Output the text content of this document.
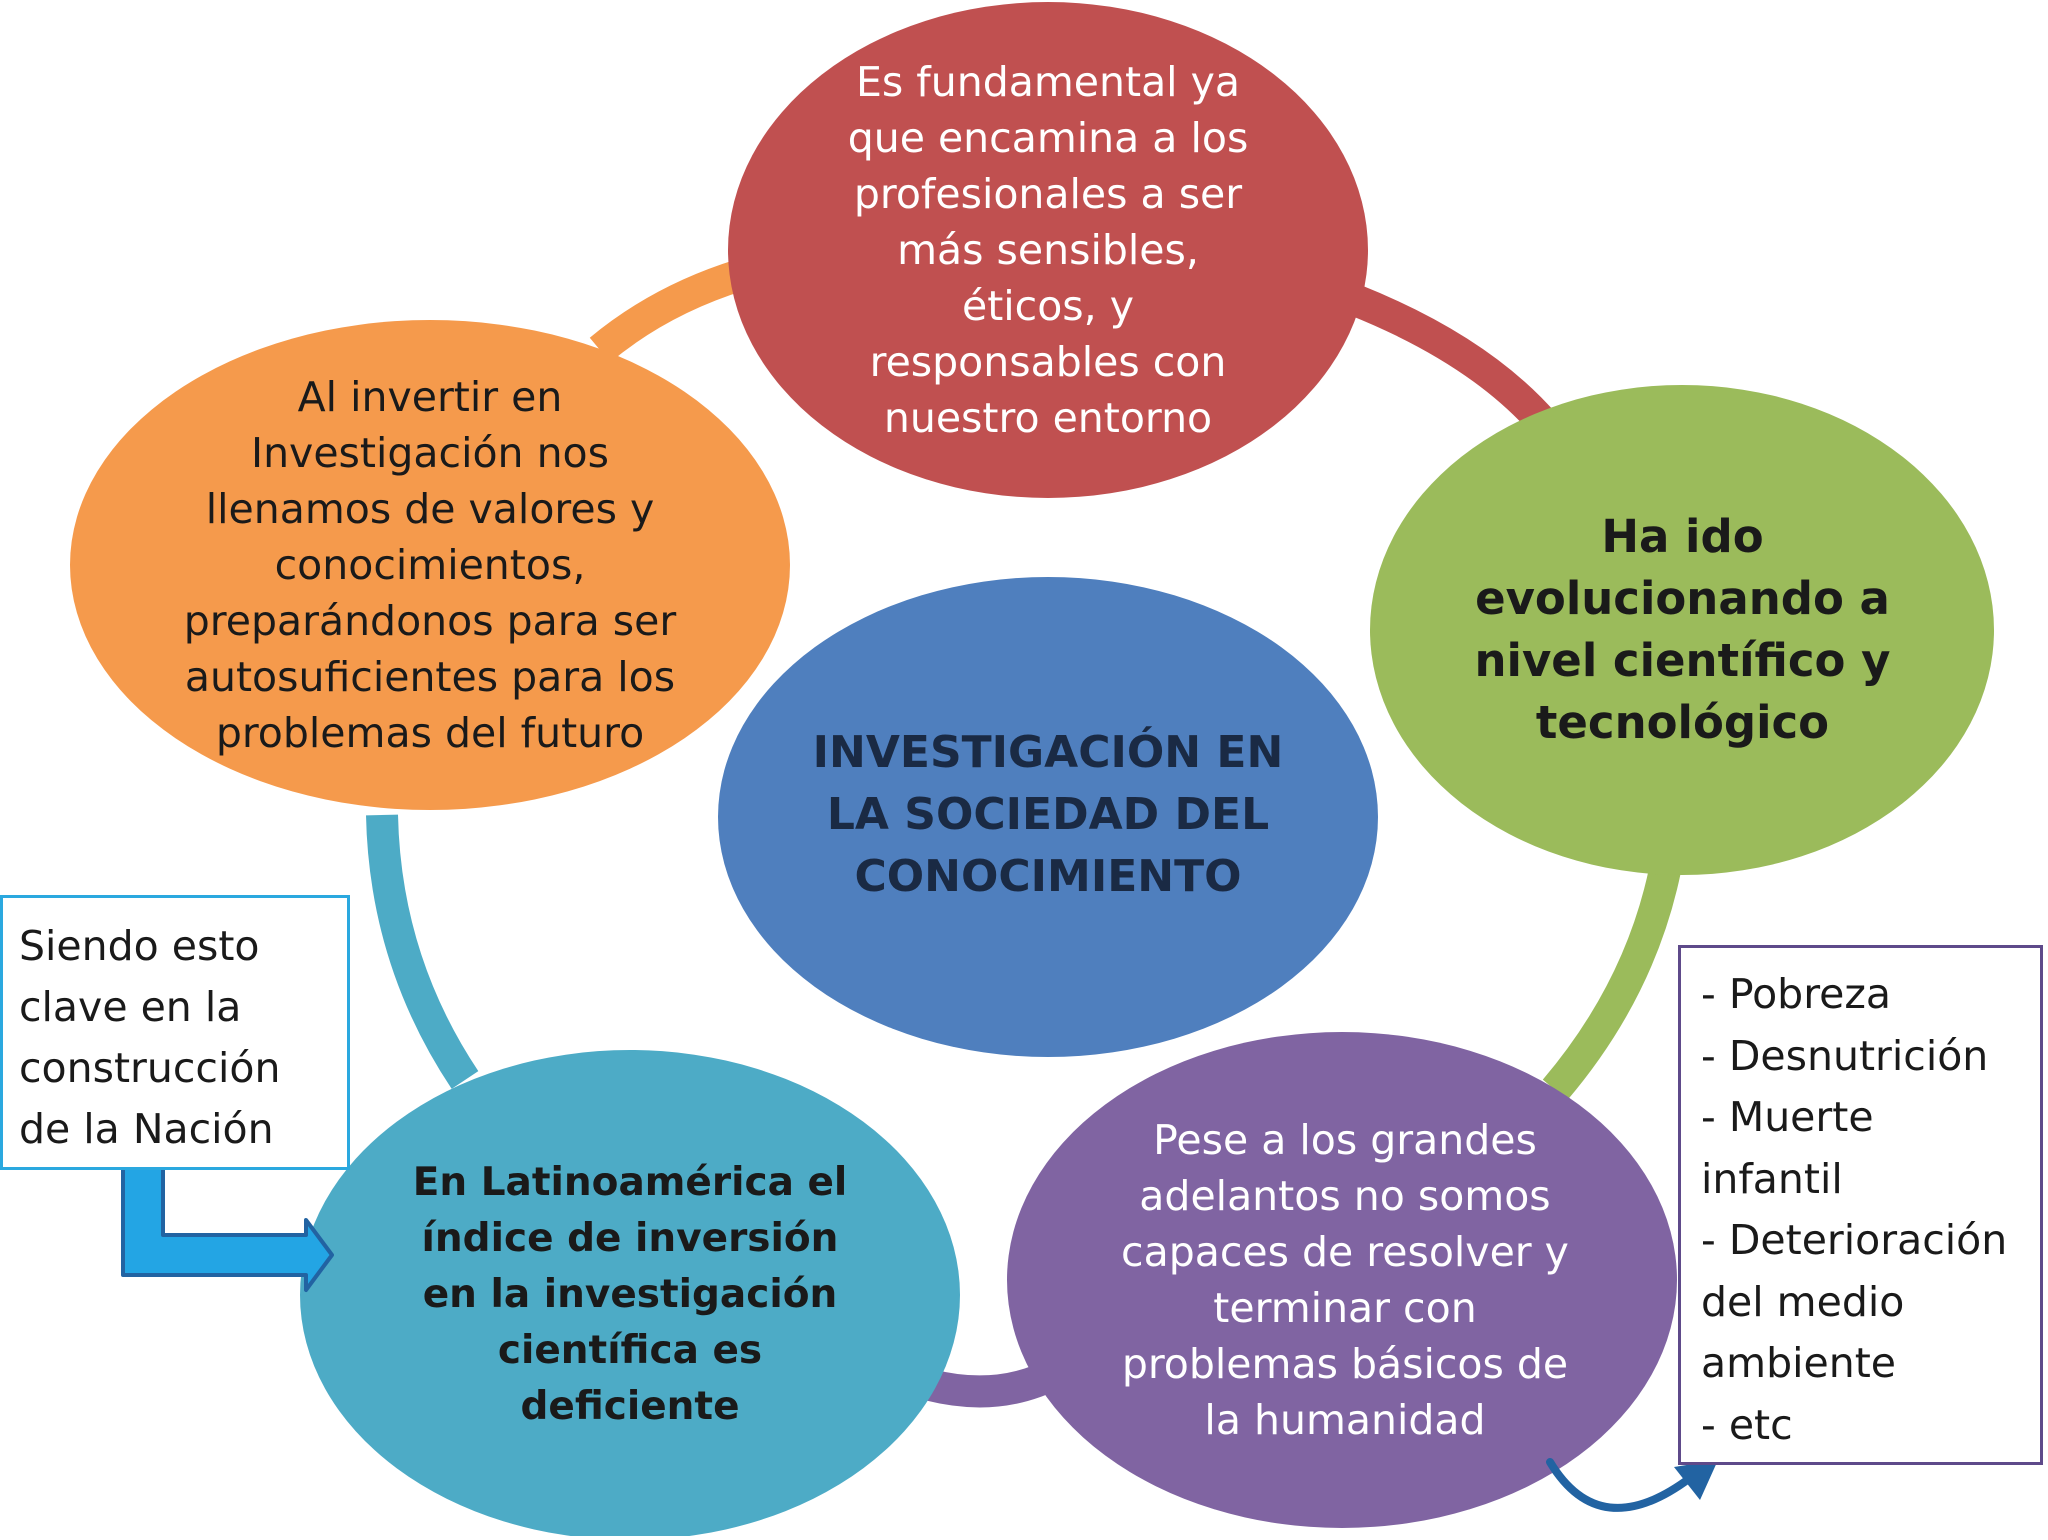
Es fundamental ya
que encamina a los
profesionales a ser
más sensibles,
éticos, y
responsables con
nuestro entorno
Al invertir en
Investigación nos
llenamos de valores y
conocimientos,
preparándonos para ser
autosuficientes para los
problemas del futuro
Ha ido
evolucionando a
nivel científico y
tecnológico
INVESTIGACIÓN EN
LA SOCIEDAD DEL
CONOCIMIENTO
En Latinoamérica el
índice de inversión
en la investigación
científica es
deficiente
Pese a los grandes
adelantos no somos
capaces de resolver y
terminar con
problemas básicos de
la humanidad
Siendo esto
clave en la
construcción
de la Nación
- Pobreza
- Desnutrición
- Muerte
infantil
- Deterioración
del medio
ambiente
- etc
